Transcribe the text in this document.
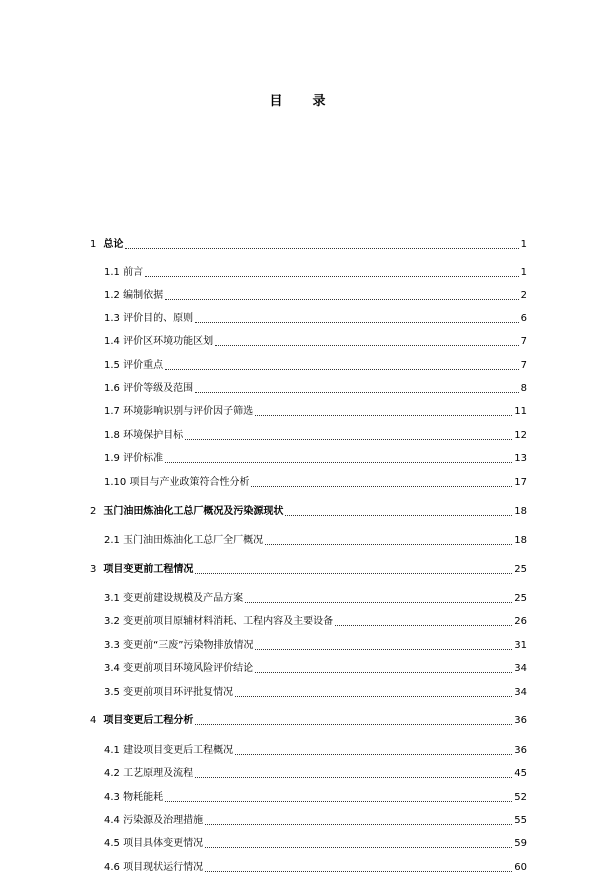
目 录
1 总论	1
1.1 前言	1
1.2 编制依据	2
1.3 评价目的、原则	6
1.4 评价区环境功能区划	7
1.5 评价重点	7
1.6 评价等级及范围	8
1.7 环境影响识别与评价因子筛选	11
1.8 环境保护目标	12
1.9 评价标准	13
1.10 项目与产业政策符合性分析	17
2 玉门油田炼油化工总厂概况及污染源现状	18
2.1 玉门油田炼油化工总厂全厂概况	18
3 项目变更前工程情况	25
3.1 变更前建设规模及产品方案	25
3.2 变更前项目原辅材料消耗、工程内容及主要设备	26
3.3 变更前“三废”污染物排放情况	31
3.4 变更前项目环境风险评价结论	34
3.5 变更前项目环评批复情况	34
4 项目变更后工程分析	36
4.1 建设项目变更后工程概况	36
4.2 工艺原理及流程	45
4.3 物耗能耗	52
4.4 污染源及治理措施	55
4.5 项目具体变更情况	59
4.6 项目现状运行情况	60
